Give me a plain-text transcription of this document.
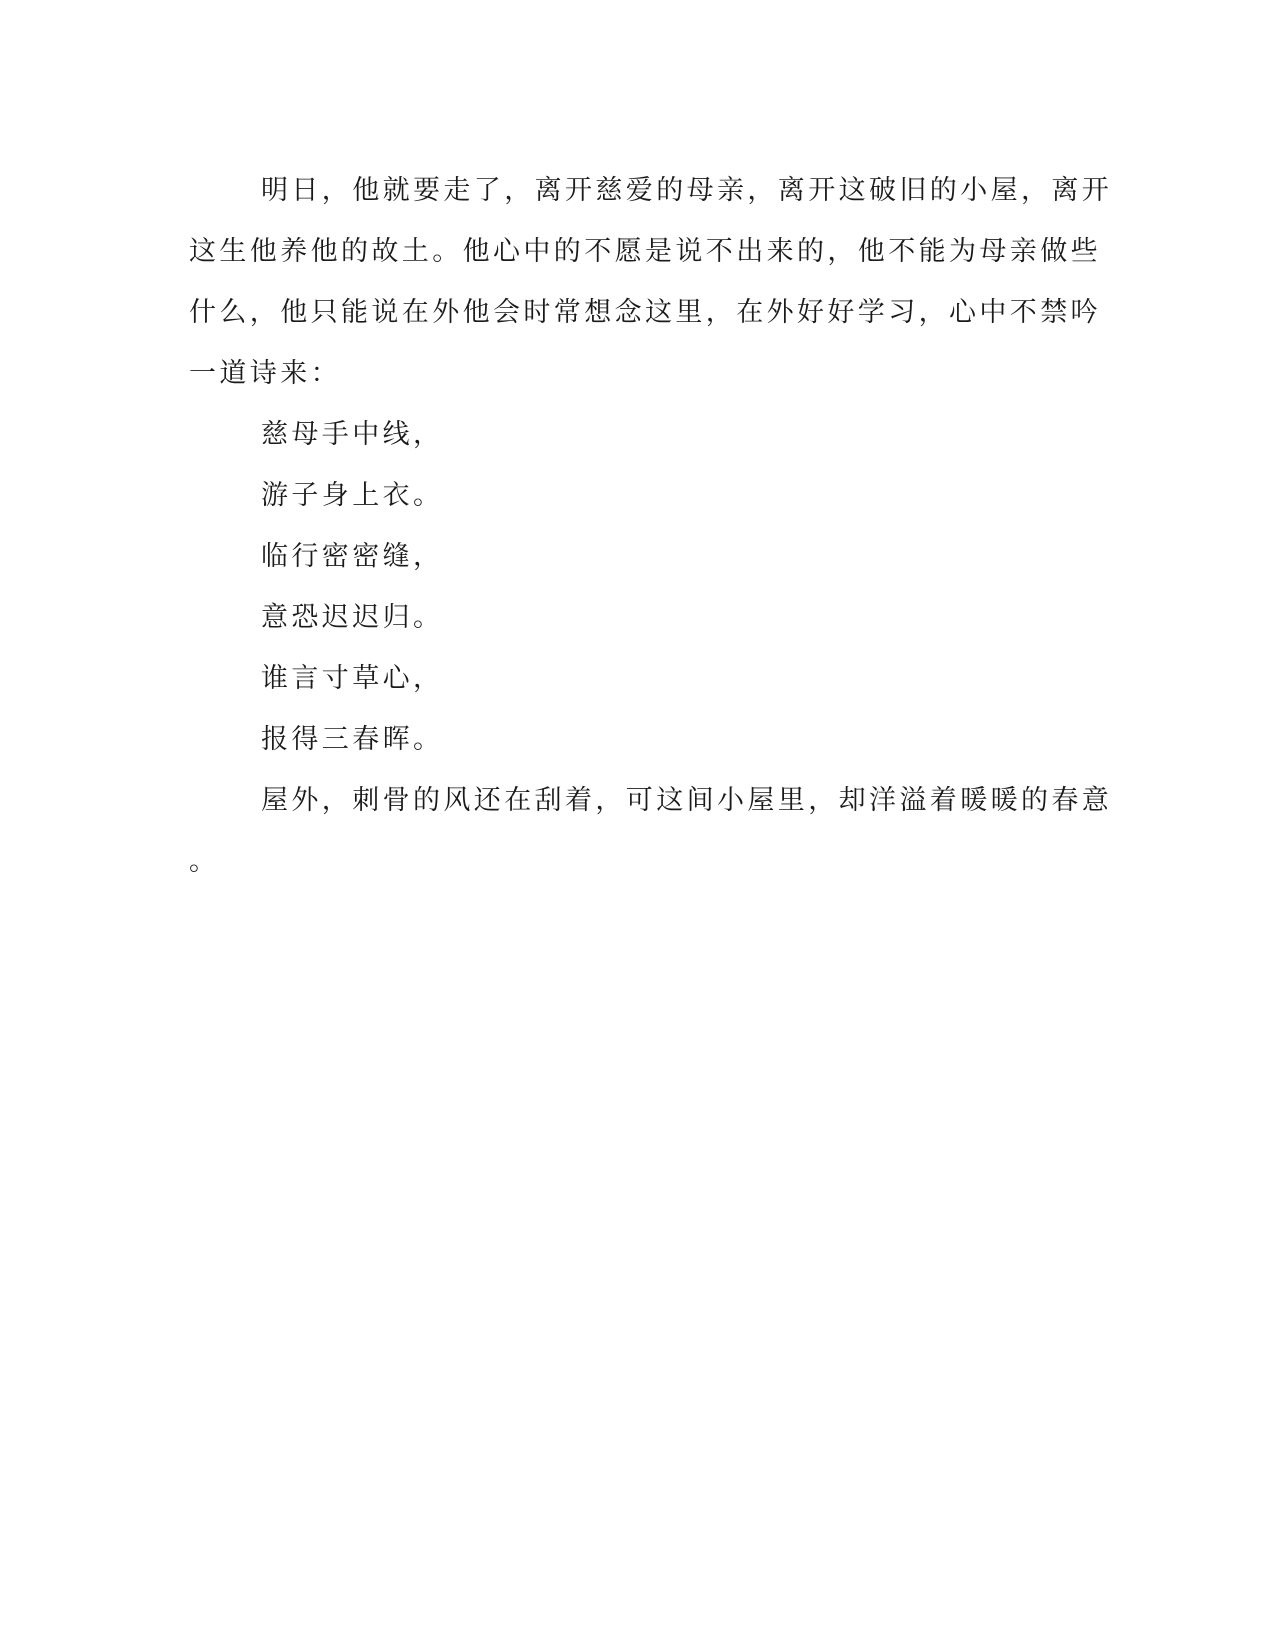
明日，他就要走了，离开慈爱的母亲，离开这破旧的小屋，离开
这生他养他的故土。他心中的不愿是说不出来的，他不能为母亲做些
什么，他只能说在外他会时常想念这里，在外好好学习，心中不禁吟
一道诗来：
慈母手中线，
游子身上衣。
临行密密缝，
意恐迟迟归。
谁言寸草心，
报得三春晖。
屋外，刺骨的风还在刮着，可这间小屋里，却洋溢着暖暖的春意
。
